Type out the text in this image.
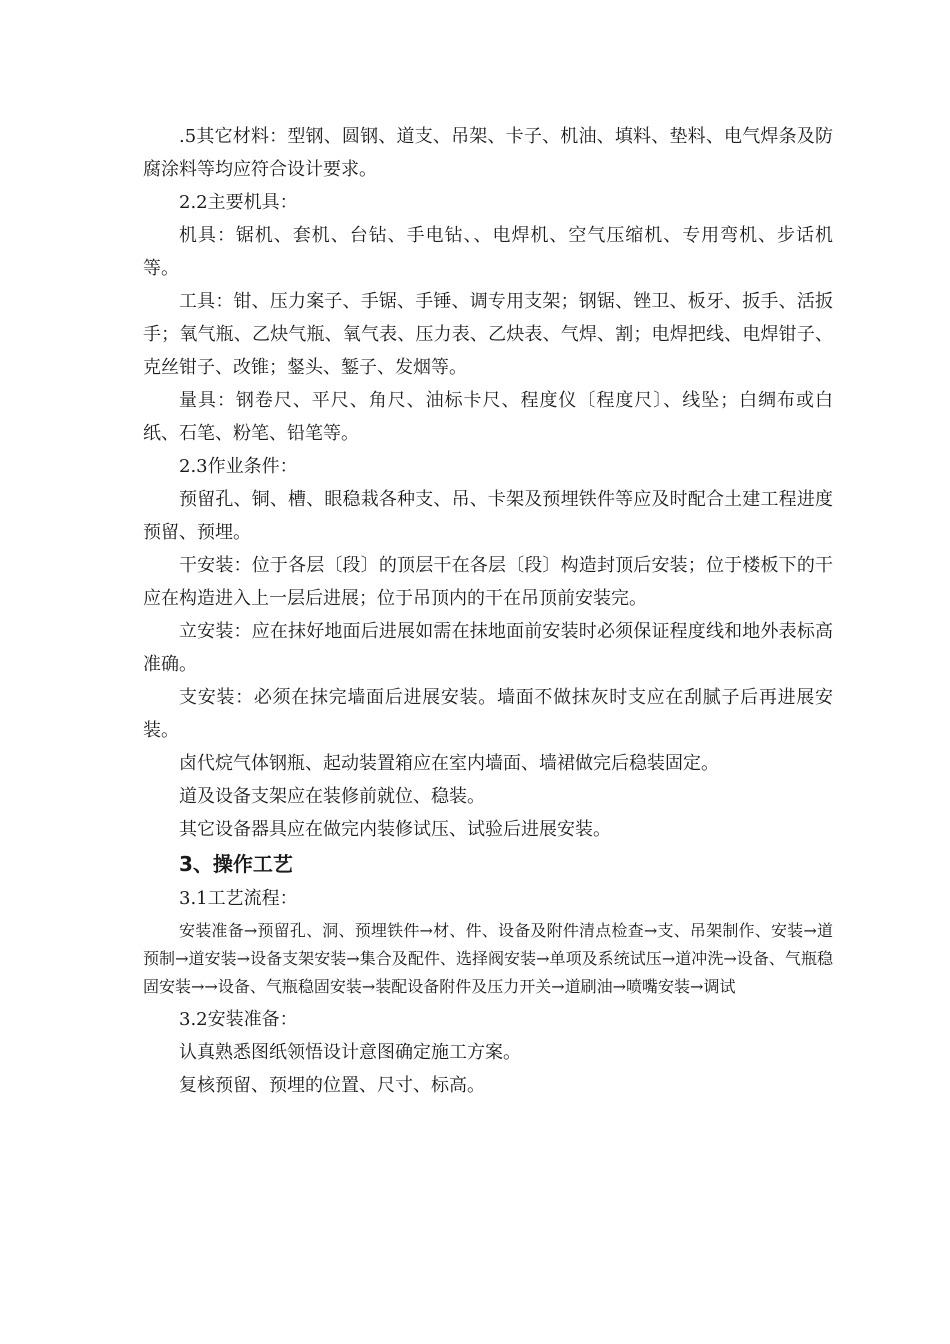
.5其它材料：型钢、圆钢、道支、吊架、卡子、机油、填料、垫料、电气焊条及防腐涂料等均应符合设计要求。

2.2主要机具：

机具：锯机、套机、台钻、手电钻、、电焊机、空气压缩机、专用弯机、步话机等。

工具：钳、压力案子、手锯、手锤、调专用支架；钢锯、锉卫、板牙、扳手、活扳手；氧气瓶、乙炔气瓶、氧气表、压力表、乙炔表、气焊、割；电焊把线、电焊钳子、克丝钳子、改锥；錖头、錾子、发烟等。

量具：钢卷尺、平尺、角尺、油标卡尺、程度仪〔程度尺〕、线坠；白绸布或白纸、石笔、粉笔、铅笔等。

2.3作业条件：

预留孔、铜、槽、眼稳栽各种支、吊、卡架及预埋铁件等应及时配合土建工程进度预留、预埋。

干安装：位于各层〔段〕的顶层干在各层〔段〕构造封顶后安装；位于楼板下的干应在构造进入上一层后进展；位于吊顶内的干在吊顶前安装完。

立安装：应在抹好地面后进展如需在抹地面前安装时必须保证程度线和地外表标高准确。

支安装：必须在抹完墙面后进展安装。墙面不做抹灰时支应在刮腻子后再进展安装。

卤代烷气体钢瓶、起动装置箱应在室内墙面、墙裙做完后稳装固定。

道及设备支架应在装修前就位、稳装。

其它设备器具应在做完内装修试压、试验后进展安装。

3、操作工艺

3.1工艺流程：

安装准备→预留孔、洞、预埋铁件→材、件、设备及附件清点检查→支、吊架制作、安装→道预制→道安装→设备支架安装→集合及配件、选择阀安装→单项及系统试压→道冲洗→设备、气瓶稳固安装→→设备、气瓶稳固安装→装配设备附件及压力开关→道刷油→喷嘴安装→调试

3.2安装准备：

认真熟悉图纸领悟设计意图确定施工方案。

复核预留、预埋的位置、尺寸、标高。
